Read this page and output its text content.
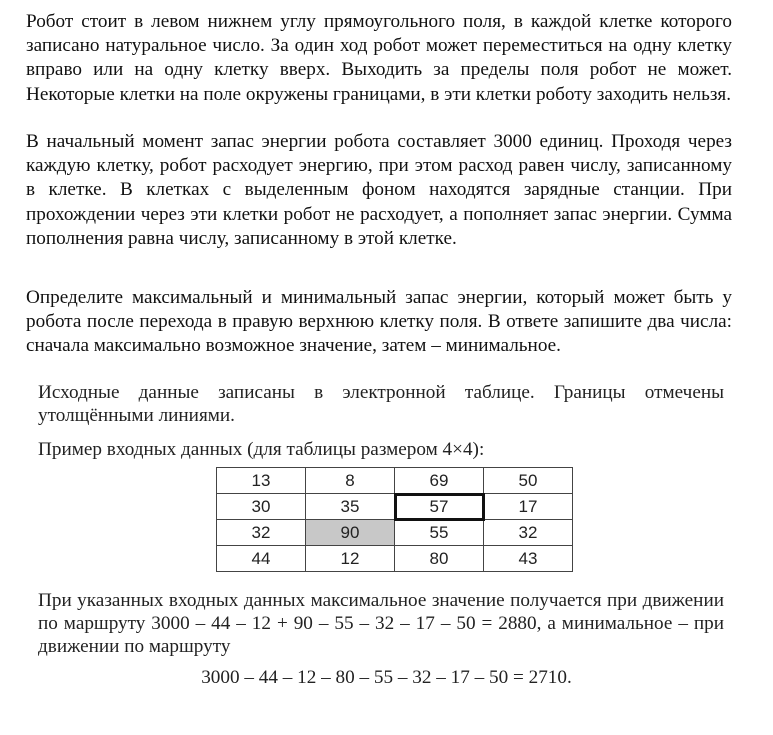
Робот стоит в левом нижнем углу прямоугольного поля, в каждой клетке которого записано натуральное число. За один ход робот может переместиться на одну клетку вправо или на одну клетку вверх. Выходить за пределы поля робот не может. Некоторые клетки на поле окружены границами, в эти клетки роботу заходить нельзя.

В начальный момент запас энергии робота составляет 3000 единиц. Проходя через каждую клетку, робот расходует энергию, при этом расход равен числу, записанному в клетке. В клетках с выделенным фоном находятся зарядные станции. При прохождении через эти клетки робот не расходует, а пополняет запас энергии. Сумма пополнения равна числу, записанному в этой клетке.

Определите максимальный и минимальный запас энергии, который может быть у робота после перехода в правую верхнюю клетку поля. В ответе запишите два числа: сначала максимально возможное значение, затем – минимальное.

Исходные данные записаны в электронной таблице. Границы отмечены утолщёнными линиями.

Пример входных данных (для таблицы размером 4×4):

13	8	69	50
30	35	57	17
32	90	55	32
44	12	80	43

При указанных входных данных максимальное значение получается при движении по маршруту 3000 – 44 – 12 + 90 – 55 – 32 – 17 – 50 = 2880, а минимальное – при движении по маршруту

3000 – 44 – 12 – 80 – 55 – 32 – 17 – 50 = 2710.
